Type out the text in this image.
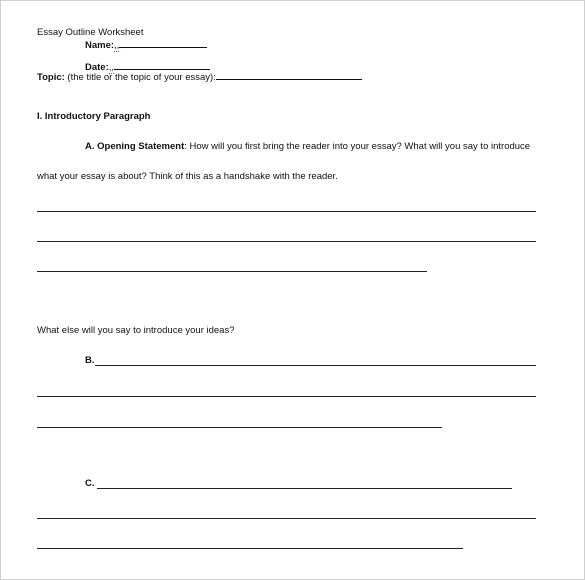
Essay Outline Worksheet
Name:,,
Date:,,
Topic: (the title or the topic of your essay):
I. Introductory Paragraph
A. Opening Statement: How will you first bring the reader into your essay? What will you say to introduce
what your essay is about? Think of this as a handshake with the reader.
What else will you say to introduce your ideas?
B.
C.
